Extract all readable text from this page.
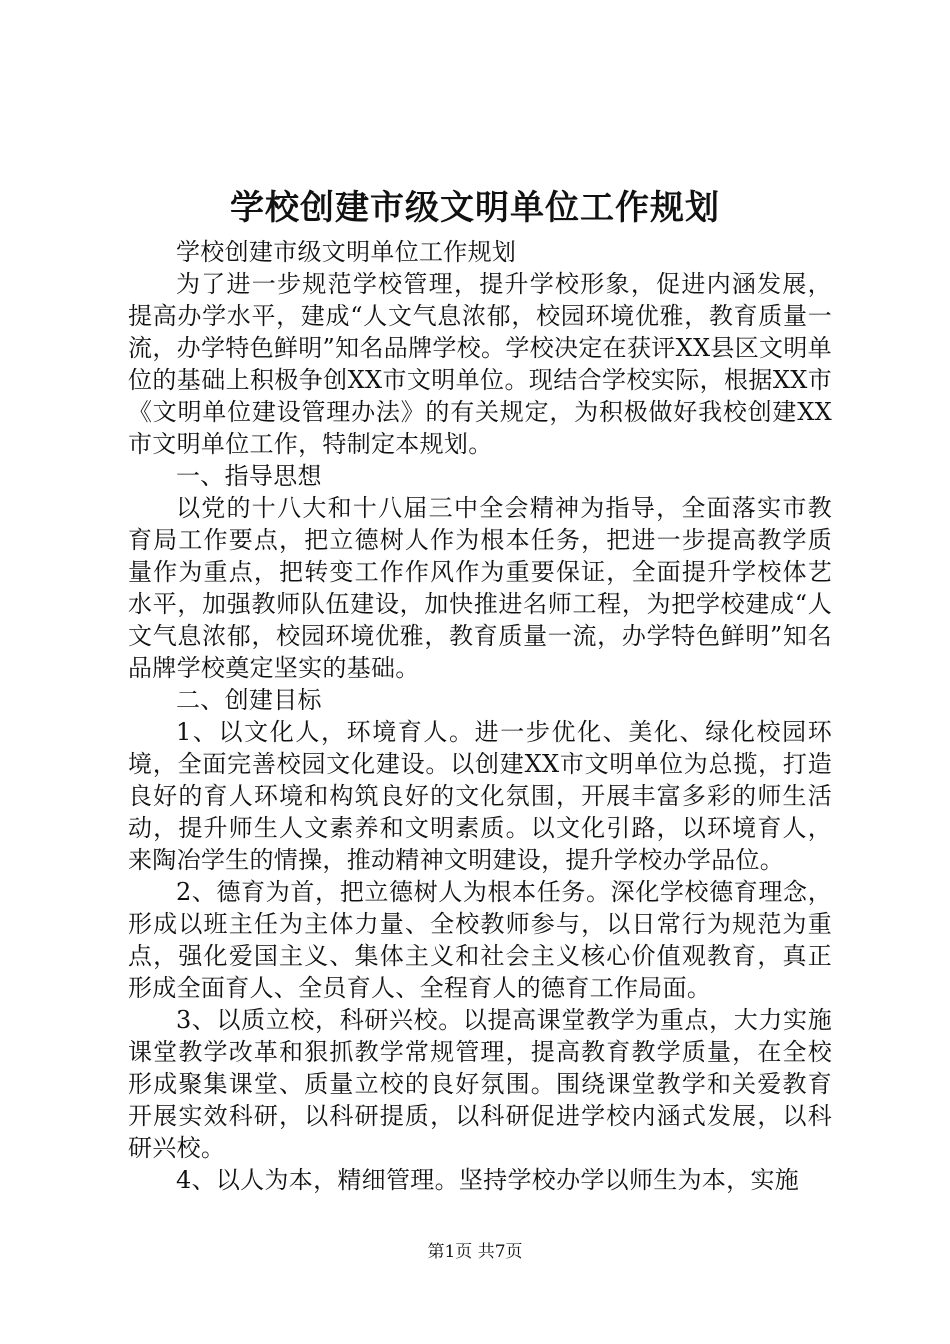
学校创建市级文明单位工作规划

学校创建市级文明单位工作规划

为了进一步规范学校管理，提升学校形象，促进内涵发展，提高办学水平，建成“人文气息浓郁，校园环境优雅，教育质量一流，办学特色鲜明”知名品牌学校。学校决定在获评XX县区文明单位的基础上积极争创XX市文明单位。现结合学校实际，根据XX市《文明单位建设管理办法》的有关规定，为积极做好我校创建XX市文明单位工作，特制定本规划。

一、指导思想

以党的十八大和十八届三中全会精神为指导，全面落实市教育局工作要点，把立德树人作为根本任务，把进一步提高教学质量作为重点，把转变工作作风作为重要保证，全面提升学校体艺水平，加强教师队伍建设，加快推进名师工程，为把学校建成“人文气息浓郁，校园环境优雅，教育质量一流，办学特色鲜明”知名品牌学校奠定坚实的基础。

二、创建目标

1、以文化人，环境育人。进一步优化、美化、绿化校园环境，全面完善校园文化建设。以创建XX市文明单位为总揽，打造良好的育人环境和构筑良好的文化氛围，开展丰富多彩的师生活动，提升师生人文素养和文明素质。以文化引路，以环境育人，来陶冶学生的情操，推动精神文明建设，提升学校办学品位。

2、德育为首，把立德树人为根本任务。深化学校德育理念，形成以班主任为主体力量、全校教师参与，以日常行为规范为重点，强化爱国主义、集体主义和社会主义核心价值观教育，真正形成全面育人、全员育人、全程育人的德育工作局面。

3、以质立校，科研兴校。以提高课堂教学为重点，大力实施课堂教学改革和狠抓教学常规管理，提高教育教学质量，在全校形成聚集课堂、质量立校的良好氛围。围绕课堂教学和关爱教育开展实效科研，以科研提质，以科研促进学校内涵式发展，以科研兴校。

4、以人为本，精细管理。坚持学校办学以师生为本，实施

第1页 共7页
